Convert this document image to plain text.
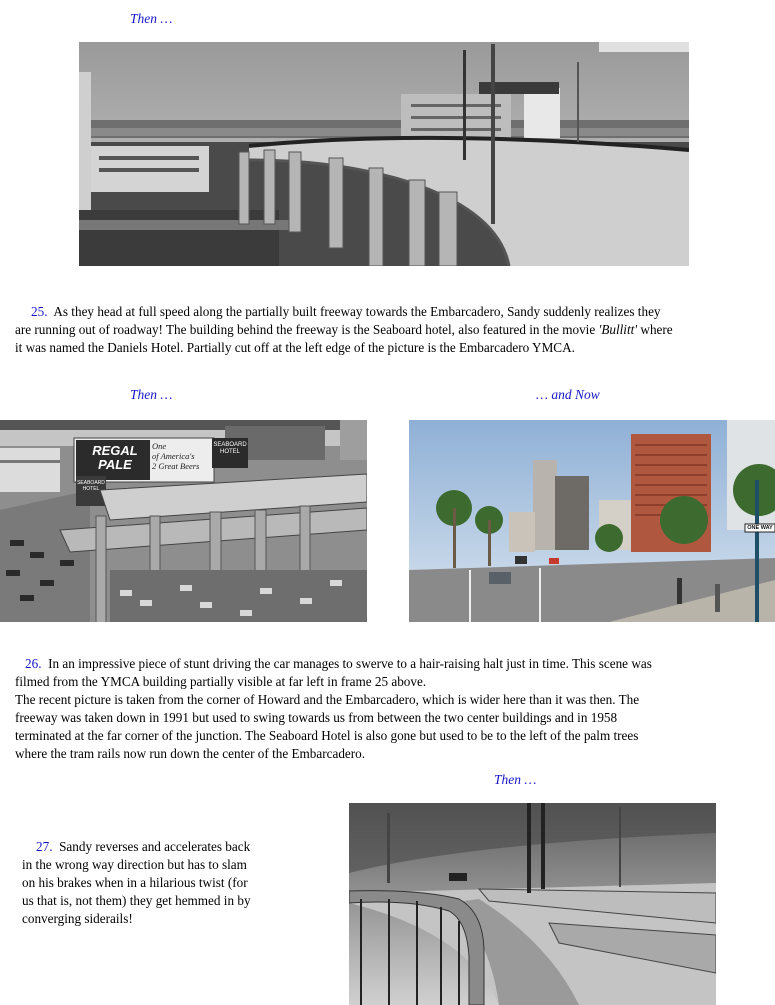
Then …
25. As they head at full speed along the partially built freeway towards the Embarcadero, Sandy suddenly realizes they
are running out of roadway! The building behind the freeway is the Seaboard hotel, also featured in the movie 'Bullitt' where
it was named the Daniels Hotel. Partially cut off at the left edge of the picture is the Embarcadero YMCA.
Then …	… and Now
REGAL
PALE
One
of America's
2 Great Beers
SEABOARD
HOTEL
SEABOARD
HOTEL
ONE WAY
26. In an impressive piece of stunt driving the car manages to swerve to a hair-raising halt just in time. This scene was
filmed from the YMCA building partially visible at far left in frame 25 above.
The recent picture is taken from the corner of Howard and the Embarcadero, which is wider here than it was then. The
freeway was taken down in 1991 but used to swing towards us from between the two center buildings and in 1958
terminated at the far corner of the junction. The Seaboard Hotel is also gone but used to be to the left of the palm trees
where the tram rails now run down the center of the Embarcadero.
Then …
27. Sandy reverses and accelerates back
in the wrong way direction but has to slam
on his brakes when in a hilarious twist (for
us that is, not them) they get hemmed in by
converging siderails!
